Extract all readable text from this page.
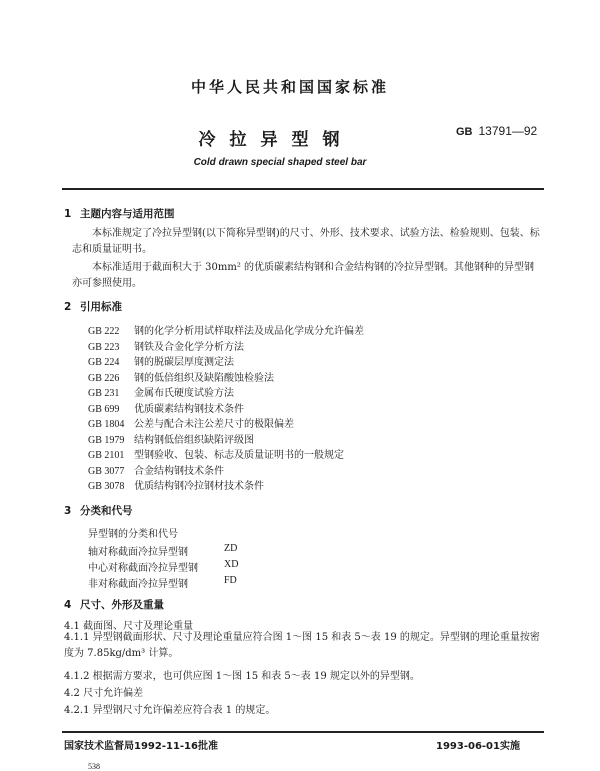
中华人民共和国国家标准
冷拉异型钢	GB 13791—92
Cold drawn special shaped steel bar
1 主题内容与适用范围
本标准规定了冷拉异型钢(以下简称异型钢)的尺寸、外形、技术要求、试验方法、检验规则、包装、标志和质量证明书。
本标准适用于截面积大于 30mm² 的优质碳素结构钢和合金结构钢的冷拉异型钢。其他钢种的异型钢亦可参照使用。
2 引用标准
GB 222 钢的化学分析用试样取样法及成品化学成分允许偏差
GB 223 钢铁及合金化学分析方法
GB 224 钢的脱碳层厚度测定法
GB 226 钢的低倍组织及缺陷酸蚀检验法
GB 231 金属布氏硬度试验方法
GB 699 优质碳素结构钢技术条件
GB 1804 公差与配合未注公差尺寸的极限偏差
GB 1979 结构钢低倍组织缺陷评级图
GB 2101 型钢验收、包装、标志及质量证明书的一般规定
GB 3077 合金结构钢技术条件
GB 3078 优质结构钢冷拉钢材技术条件
3 分类和代号
异型钢的分类和代号
轴对称截面冷拉异型钢	ZD
中心对称截面冷拉异型钢	XD
非对称截面冷拉异型钢	FD
4 尺寸、外形及重量
4.1 截面图、尺寸及理论重量
4.1.1 异型钢截面形状、尺寸及理论重量应符合图 1～图 15 和表 5～表 19 的规定。异型钢的理论重量按密度为 7.85kg/dm³ 计算。
4.1.2 根据需方要求，也可供应图 1～图 15 和表 5～表 19 规定以外的异型钢。
4.2 尺寸允许偏差
4.2.1 异型钢尺寸允许偏差应符合表 1 的规定。
国家技术监督局1992-11-16批准	1993-06-01实施
538
